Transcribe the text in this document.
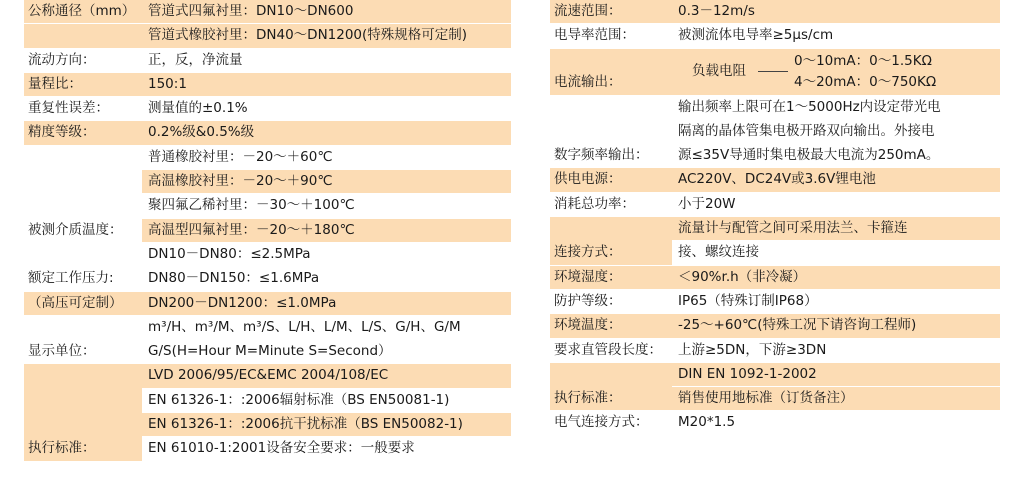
公称通径（mm）	管道式四氟衬里：DN10～DN600
	管道式橡胶衬里：DN40～DN1200(特殊规格可定制)
流动方向：	正，反，净流量
量程比：	150:1
重复性误差：	测量值的±0.1%
精度等级：	0.2%级&0.5%级
被测介质温度：	普通橡胶衬里：－20～＋60℃
	高温橡胶衬里：－20～＋90℃
	聚四氟乙稀衬里：－30～＋100℃
	高温型四氟衬里：－20～＋180℃
	DN10－DN80：≤2.5MPa
额定工作压力:	DN80－DN150：≤1.6MPa
（高压可定制）	DN200－DN1200：≤1.0MPa
显示单位：	m³/H、m³/M、m³/S、L/H、L/M、L/S、G/H、G/M
	G/S(H=Hour M=Minute S=Second）
执行标准：	LVD 2006/95/EC&EMC 2004/108/EC
	EN 61326-1：:2006辐射标准（BS EN50081-1)
	EN 61326-1：:2006抗干扰标准（BS EN50082-1)
	EN 61010-1:2001设备安全要求：一般要求
流速范围：	0.3－12m/s
电导率范围：	被测流体电导率≥5μs/cm
电流输出：	负载电阻
0～10mA：0～1.5KΩ
4～20mA：0～750KΩ

数字频率输出：	输出频率上限可在1～5000Hz内设定带光电
	隔离的晶体管集电极开路双向输出。外接电
	源≤35V导通时集电极最大电流为250mA。
供电电源：	AC220V、DC24V或3.6V锂电池
消耗总功率：	小于20W
连接方式：	流量计与配管之间可采用法兰、卡箍连
	接、螺纹连接
环境湿度：	＜90%r.h（非冷凝）
防护等级：	IP65（特殊订制IP68）
环境温度：	-25～+60℃(特殊工况下请咨询工程师)
要求直管段长度：	上游≥5DN，下游≥3DN
执行标准：	DIN EN 1092-1-2002
	销售使用地标准（订货备注）
电气连接方式：	M20*1.5
